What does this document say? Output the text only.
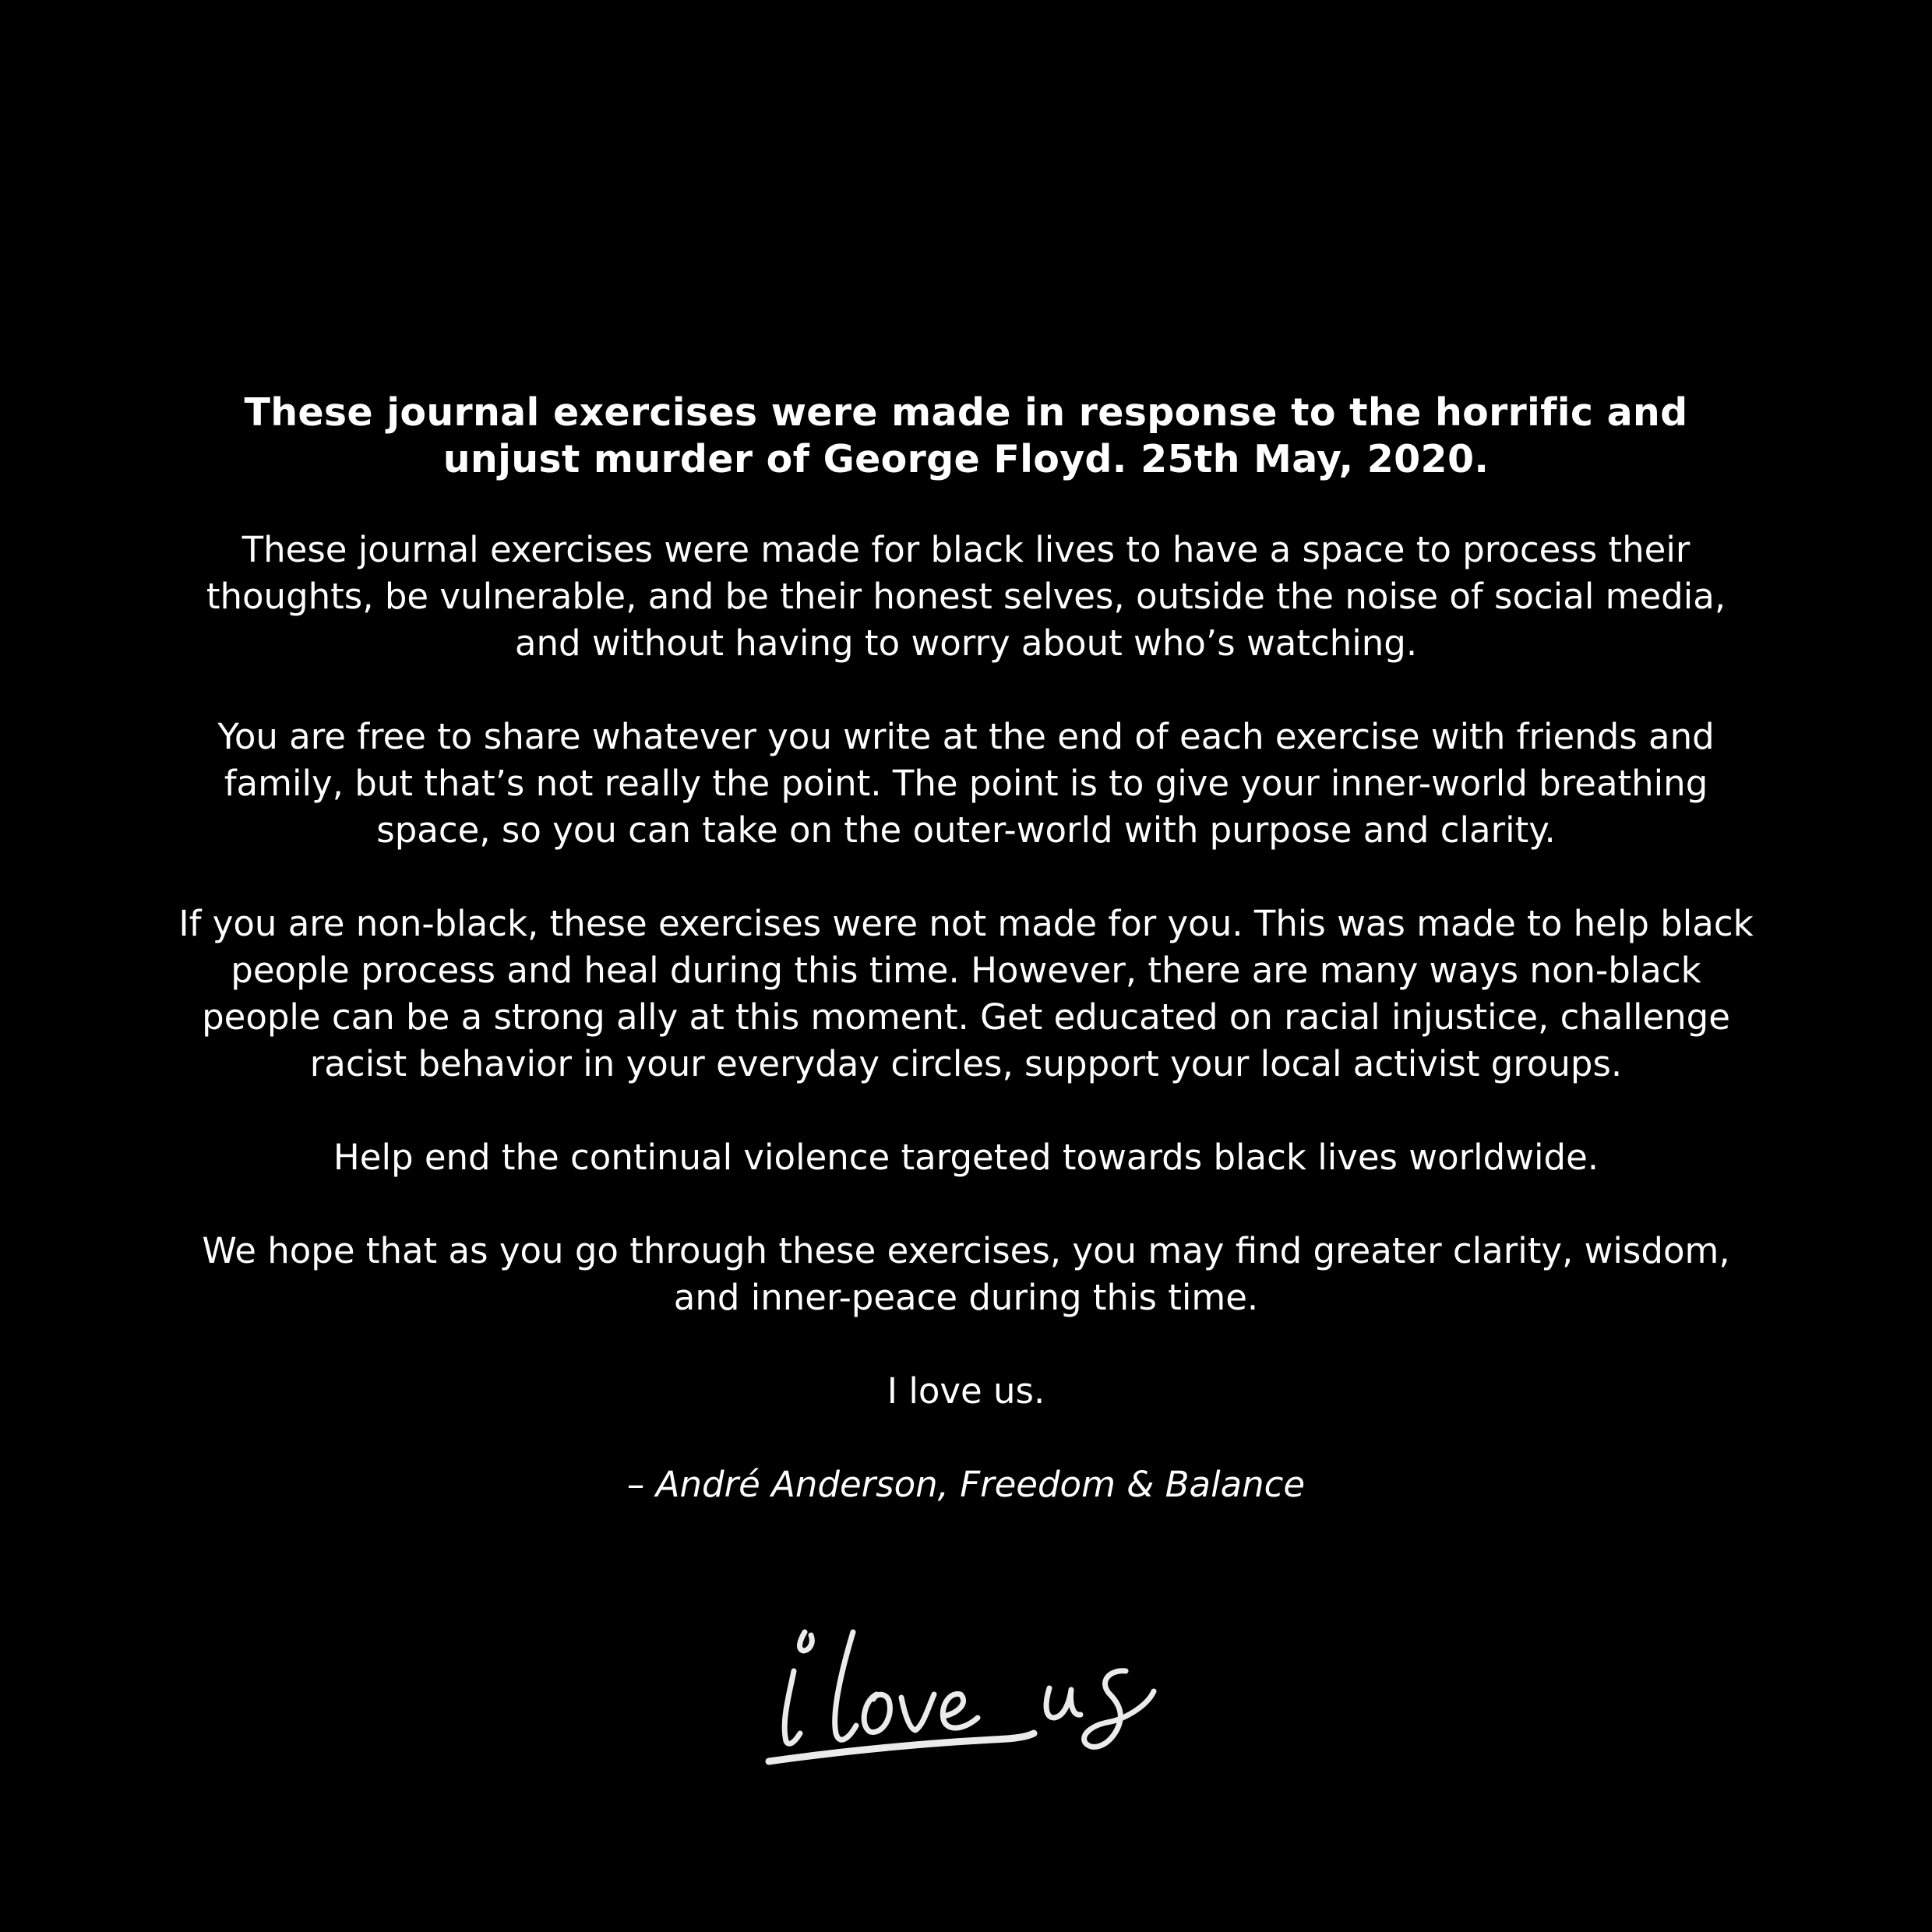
These journal exercises were made in response to the horrific and unjust murder of George Floyd. 25th May, 2020.

These journal exercises were made for black lives to have a space to process their thoughts, be vulnerable, and be their honest selves, outside the noise of social media, and without having to worry about who’s watching.

You are free to share whatever you write at the end of each exercise with friends and family, but that’s not really the point. The point is to give your inner-world breathing space, so you can take on the outer-world with purpose and clarity.

If you are non-black, these exercises were not made for you. This was made to help black people process and heal during this time. However, there are many ways non-black people can be a strong ally at this moment. Get educated on racial injustice, challenge racist behavior in your everyday circles, support your local activist groups.

Help end the continual violence targeted towards black lives worldwide.

We hope that as you go through these exercises, you may find greater clarity, wisdom, and inner-peace during this time.

I love us.

– André Anderson, Freedom & Balance
